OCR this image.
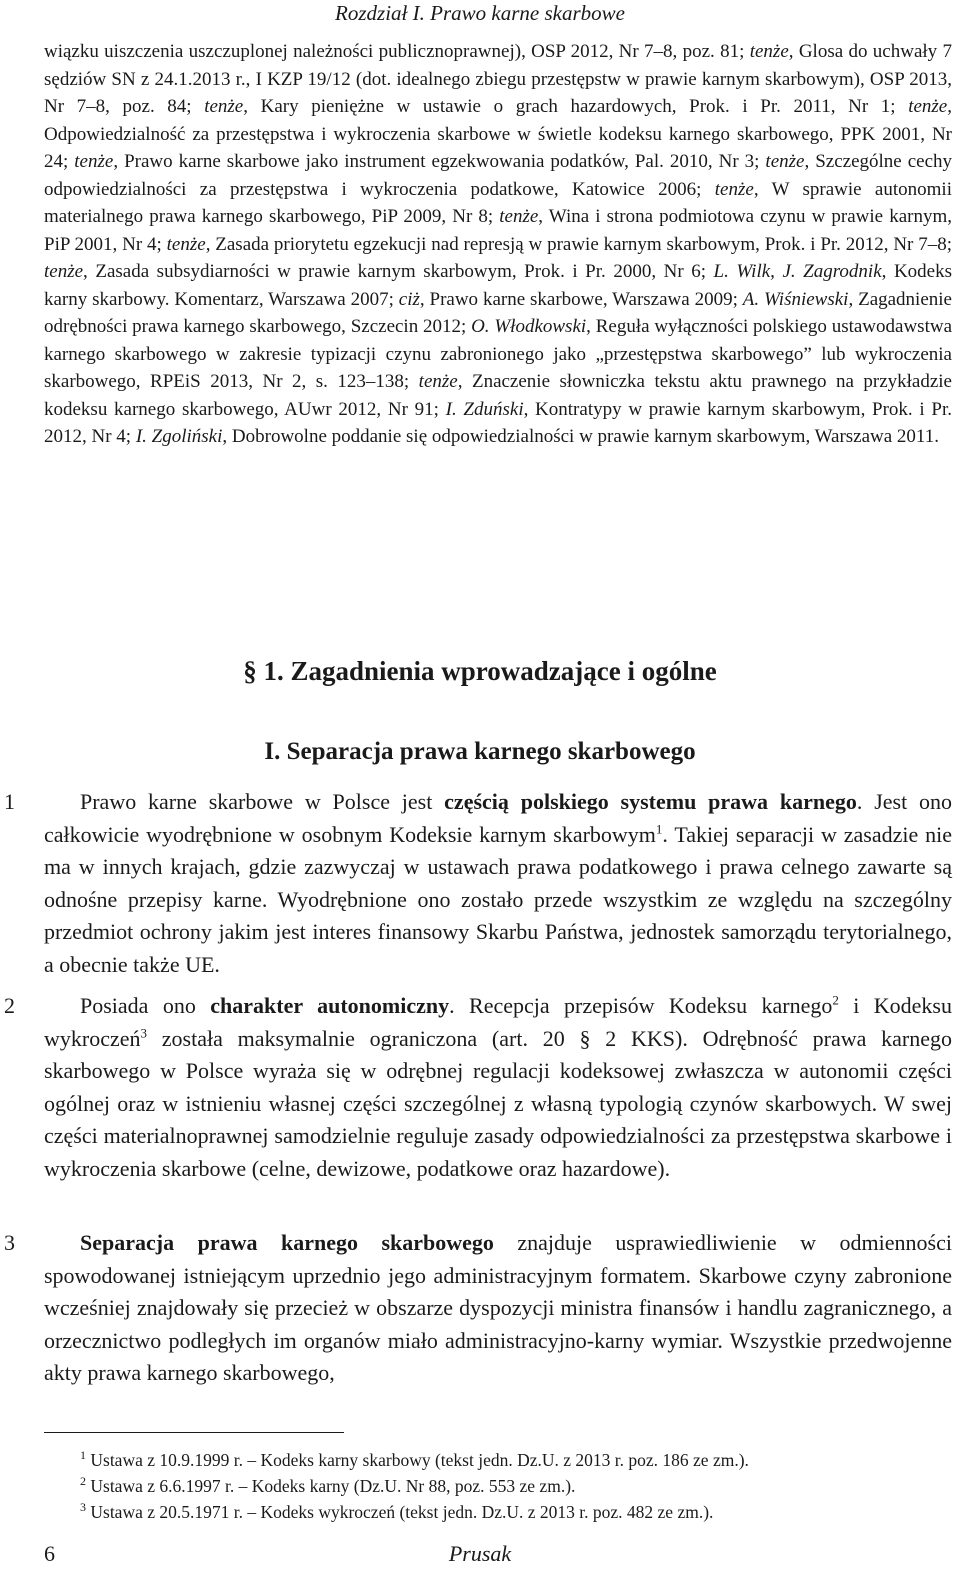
Rozdział I. Prawo karne skarbowe

wiązku uiszczenia uszczuplonej należności publicznoprawnej), OSP 2012, Nr 7–8, poz. 81; tenże, Glosa do uchwały 7 sędziów SN z 24.1.2013 r., I KZP 19/12 (dot. idealnego zbiegu przestępstw w prawie karnym skarbowym), OSP 2013, Nr 7–8, poz. 84; tenże, Kary pieniężne w ustawie o grach hazardowych, Prok. i Pr. 2011, Nr 1; tenże, Odpowiedzialność za przestępstwa i wykroczenia skarbowe w świetle kodeksu karnego skarbowego, PPK 2001, Nr 24; tenże, Prawo karne skarbowe jako instrument egzekwowania podatków, Pal. 2010, Nr 3; tenże, Szczególne cechy odpowiedzialności za przestępstwa i wykroczenia podatkowe, Katowice 2006; tenże, W sprawie autonomii materialnego prawa karnego skarbowego, PiP 2009, Nr 8; tenże, Wina i strona podmiotowa czynu w prawie karnym, PiP 2001, Nr 4; tenże, Zasada priorytetu egzekucji nad represją w prawie karnym skarbowym, Prok. i Pr. 2012, Nr 7–8; tenże, Zasada subsydiarności w prawie karnym skarbowym, Prok. i Pr. 2000, Nr 6; L. Wilk, J. Zagrodnik, Kodeks karny skarbowy. Komentarz, Warszawa 2007; ciż, Prawo karne skarbowe, Warszawa 2009; A. Wiśniewski, Zagadnienie odrębności prawa karnego skarbowego, Szczecin 2012; O. Włodkowski, Reguła wyłączności polskiego ustawodawstwa karnego skarbowego w zakresie typizacji czynu zabronionego jako „przestępstwa skarbowego” lub wykroczenia skarbowego, RPEiS 2013, Nr 2, s. 123–138; tenże, Znaczenie słowniczka tekstu aktu prawnego na przykładzie kodeksu karnego skarbowego, AUwr 2012, Nr 91; I. Zduński, Kontratypy w prawie karnym skarbowym, Prok. i Pr. 2012, Nr 4; I. Zgoliński, Dobrowolne poddanie się odpowiedzialności w prawie karnym skarbowym, Warszawa 2011.

§ 1. Zagadnienia wprowadzające i ogólne
I. Separacja prawa karnego skarbowego
1	Prawo karne skarbowe w Polsce jest częścią polskiego systemu prawa karnego. Jest ono całkowicie wyodrębnione w osobnym Kodeksie karnym skarbowym$^1$. Takiej separacji w zasadzie nie ma w innych krajach, gdzie zazwyczaj w ustawach prawa podatkowego i prawa celnego zawarte są odnośne przepisy karne. Wyodrębnione ono zostało przede wszystkim ze względu na szczególny przedmiot ochrony jakim jest interes finansowy Skarbu Państwa, jednostek samorządu terytorialnego, a obecnie także UE.

2	Posiada ono charakter autonomiczny. Recepcja przepisów Kodeksu karnego$^2$ i Kodeksu wykroczeń$^3$ została maksymalnie ograniczona (art. 20 § 2 KKS). Odrębność prawa karnego skarbowego w Polsce wyraża się w odrębnej regulacji kodeksowej zwłaszcza w autonomii części ogólnej oraz w istnieniu własnej części szczególnej z własną typologią czynów skarbowych. W swej części materialnoprawnej samodzielnie reguluje zasady odpowiedzialności za przestępstwa skarbowe i wykroczenia skarbowe (celne, dewizowe, podatkowe oraz hazardowe).

3	Separacja prawa karnego skarbowego znajduje usprawiedliwienie w odmienności spowodowanej istniejącym uprzednio jego administracyjnym formatem. Skarbowe czyny zabronione wcześniej znajdowały się przecież w obszarze dyspozycji ministra finansów i handlu zagranicznego, a orzecznictwo podległych im organów miało administracyjno-karny wymiar. Wszystkie przedwojenne akty prawa karnego skarbowego,

$^1$ Ustawa z 10.9.1999 r. – Kodeks karny skarbowy (tekst jedn. Dz.U. z 2013 r. poz. 186 ze zm.).

$^2$ Ustawa z 6.6.1997 r. – Kodeks karny (Dz.U. Nr 88, poz. 553 ze zm.).

$^3$ Ustawa z 20.5.1971 r. – Kodeks wykroczeń (tekst jedn. Dz.U. z 2013 r. poz. 482 ze zm.).

6	Prusak
